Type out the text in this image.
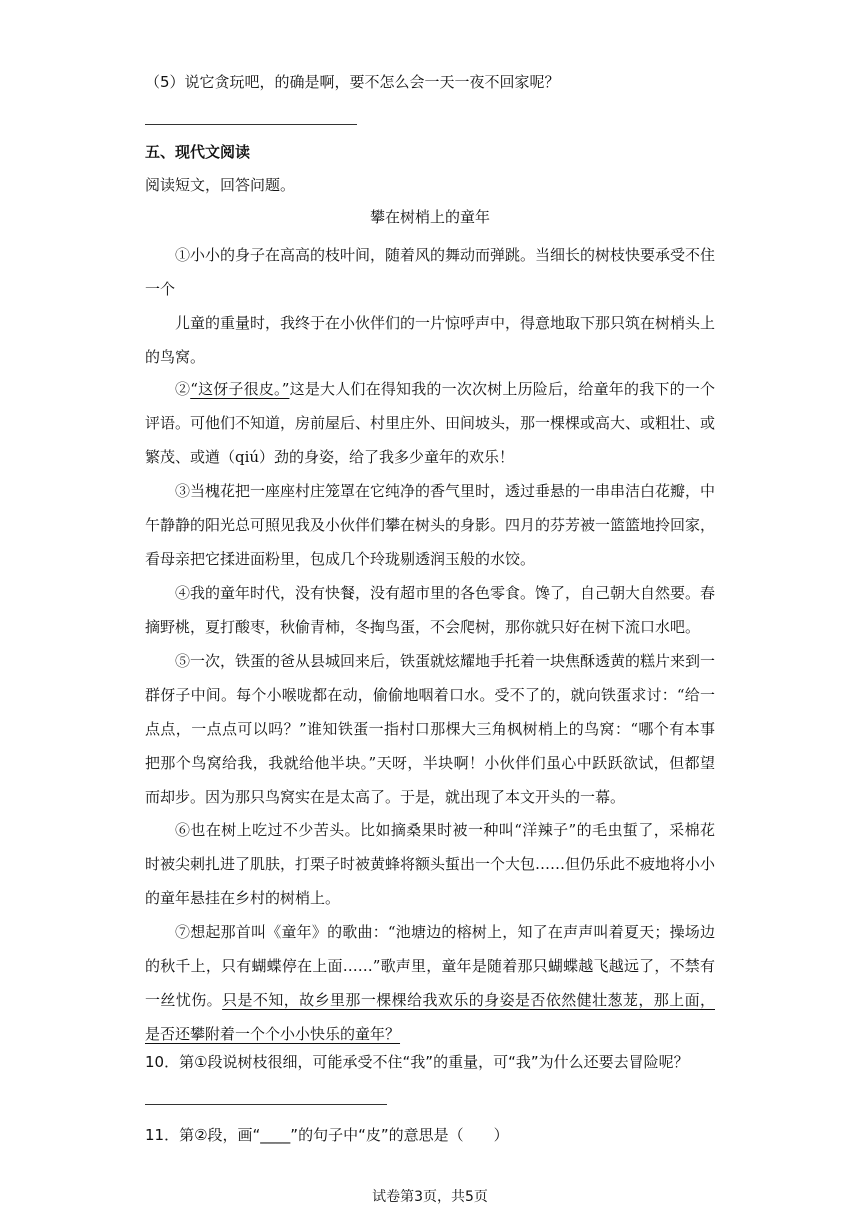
（5）说它贪玩吧，的确是啊，要不怎么会一天一夜不回家呢？
五、现代文阅读
阅读短文，回答问题。
攀在树梢上的童年
①小小的身子在高高的枝叶间，随着风的舞动而弹跳。当细长的树枝快要承受不住一个
儿童的重量时，我终于在小伙伴们的一片惊呼声中，得意地取下那只筑在树梢头上的鸟窝。
②“这伢子很皮。”这是大人们在得知我的一次次树上历险后，给童年的我下的一个评语。可他们不知道，房前屋后、村里庄外、田间坡头，那一棵棵或高大、或粗壮、或繁茂、或遒（qiú）劲的身姿，给了我多少童年的欢乐！
③当槐花把一座座村庄笼罩在它纯净的香气里时，透过垂悬的一串串洁白花瓣，中午静静的阳光总可照见我及小伙伴们攀在树头的身影。四月的芬芳被一篮篮地拎回家，看母亲把它揉进面粉里，包成几个玲珑剔透润玉般的水饺。
④我的童年时代，没有快餐，没有超市里的各色零食。馋了，自己朝大自然要。春摘野桃，夏打酸枣，秋偷青柿，冬掏鸟蛋，不会爬树，那你就只好在树下流口水吧。
⑤一次，铁蛋的爸从县城回来后，铁蛋就炫耀地手托着一块焦酥透黄的糕片来到一群伢子中间。每个小喉咙都在动，偷偷地咽着口水。受不了的，就向铁蛋求讨：“给一点点，一点点可以吗？”谁知铁蛋一指村口那棵大三角枫树梢上的鸟窝：“哪个有本事把那个鸟窝给我，我就给他半块。”天呀，半块啊！小伙伴们虽心中跃跃欲试，但都望而却步。因为那只鸟窝实在是太高了。于是，就出现了本文开头的一幕。
⑥也在树上吃过不少苦头。比如摘桑果时被一种叫“洋辣子”的毛虫蜇了，采棉花时被尖刺扎进了肌肤，打栗子时被黄蜂将额头蜇出一个大包……但仍乐此不疲地将小小的童年悬挂在乡村的树梢上。
⑦想起那首叫《童年》的歌曲：“池塘边的榕树上，知了在声声叫着夏天；操场边的秋千上，只有蝴蝶停在上面……”歌声里，童年是随着那只蝴蝶越飞越远了，不禁有一丝忧伤。只是不知，故乡里那一棵棵给我欢乐的身姿是否依然健壮葱茏，那上面，是否还攀附着一个个小小快乐的童年？
10．第①段说树枝很细，可能承受不住“我”的重量，可“我”为什么还要去冒险呢？
11．第②段，画“____”的句子中“皮”的意思是（　　）
试卷第3页，共5页
